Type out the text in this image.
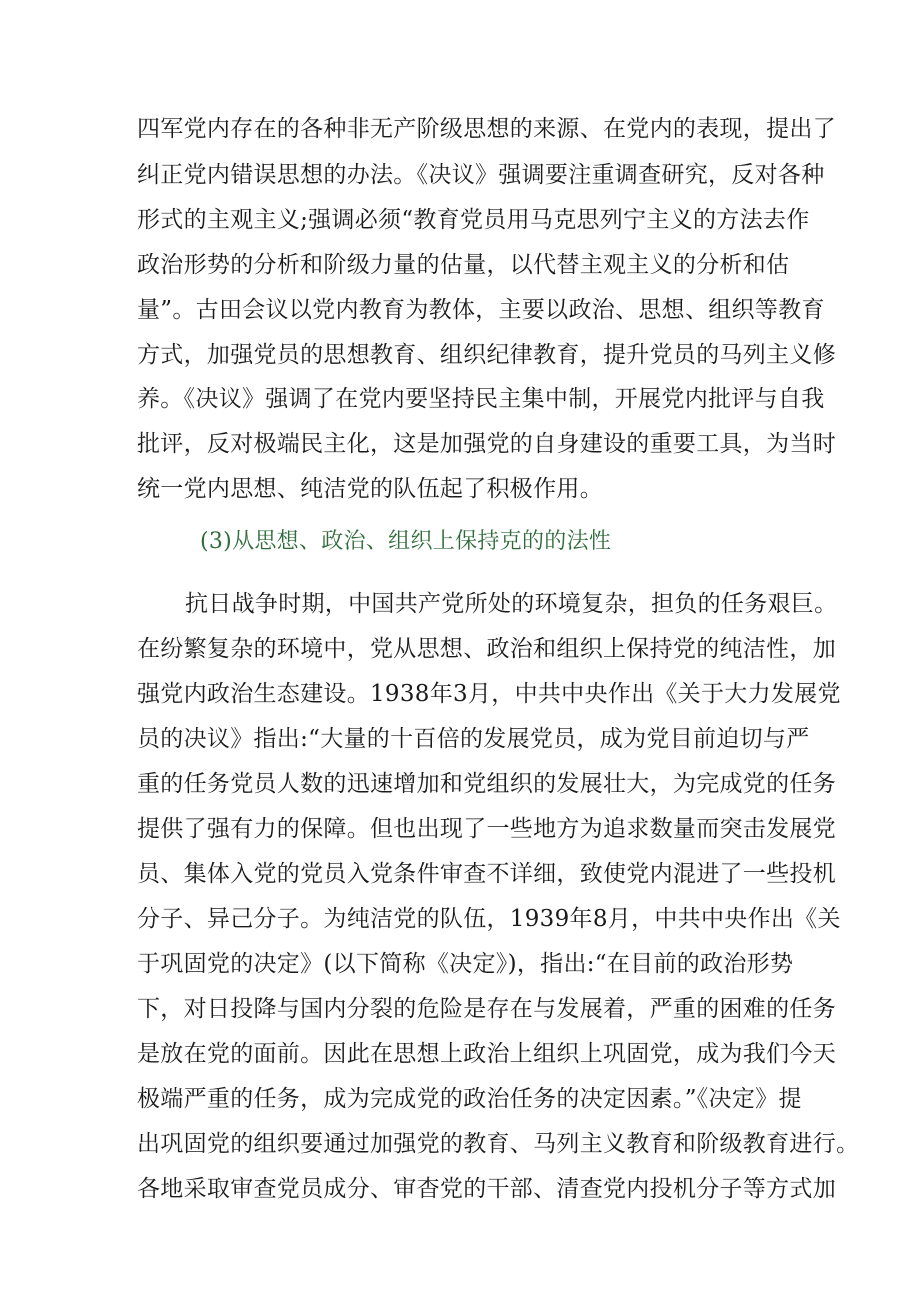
四军党内存在的各种非无产阶级思想的来源、在党内的表现，提出了
纠正党内错误思想的办法。《决议》强调要注重调查研究，反对各种
形式的主观主义;强调必须“教育党员用马克思列宁主义的方法去作
政治形势的分析和阶级力量的估量，以代替主观主义的分析和估
量”。古田会议以党内教育为教体，主要以政治、思想、组织等教育
方式，加强党员的思想教育、组织纪律教育，提升党员的马列主义修
养。《决议》强调了在党内要坚持民主集中制，开展党内批评与自我
批评，反对极端民主化，这是加强党的自身建设的重要工具，为当时
统一党内思想、纯洁党的队伍起了积极作用。
(3)从思想、政治、组织上保持克的的法性
抗日战争时期，中国共产党所处的环境复杂，担负的任务艰巨。
在纷繁复杂的环境中，党从思想、政治和组织上保持党的纯洁性，加
强党内政治生态建设。1938年3月，中共中央作出《关于大力发展党
员的决议》指出:“大量的十百倍的发展党员，成为党目前迫切与严
重的任务党员人数的迅速增加和党组织的发展壮大，为完成党的任务
提供了强有力的保障。但也出现了一些地方为追求数量而突击发展党
员、集体入党的党员入党条件审查不详细，致使党内混进了一些投机
分子、异己分子。为纯洁党的队伍，1939年8月，中共中央作出《关
于巩固党的决定》(以下简称《决定》)，指出:“在目前的政治形势
下，对日投降与国内分裂的危险是存在与发展着，严重的困难的任务
是放在党的面前。因此在思想上政治上组织上巩固党，成为我们今天
极端严重的任务，成为完成党的政治任务的决定因素。”《决定》提
出巩固党的组织要通过加强党的教育、马列主义教育和阶级教育进行。
各地采取审查党员成分、审杳党的干部、清查党内投机分子等方式加
